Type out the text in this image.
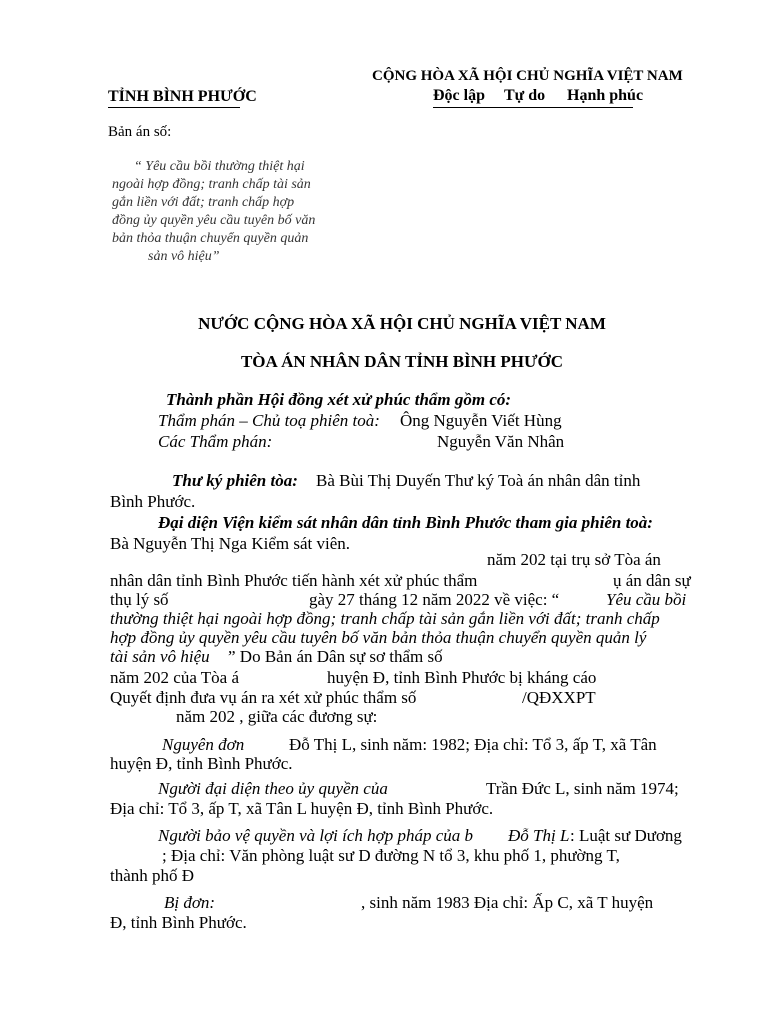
CỘNG HÒA XÃ HỘI CHỦ NGHĨA VIỆT NAM
TỈNH BÌNH PHƯỚC	Độc lập Tự do Hạnh phúc
Bản án số:
“ Yêu cầu bồi thường thiệt hại
ngoài hợp đồng; tranh chấp tài sản
gắn liền với đất; tranh chấp hợp
đồng ủy quyền yêu cầu tuyên bố văn
bản thỏa thuận chuyển quyền quản
sản vô hiệu”
NƯỚC CỘNG HÒA XÃ HỘI CHỦ NGHĨA VIỆT NAM
TÒA ÁN NHÂN DÂN TỈNH BÌNH PHƯỚC
Thành phần Hội đồng xét xử phúc thẩm gồm có:
Thẩm phán – Chủ toạ phiên toà: Ông Nguyễn Viết Hùng
Các Thẩm phán:	Nguyễn Văn Nhân
Thư ký phiên tòa: Bà Bùi Thị Duyến Thư ký Toà án nhân dân tỉnh
Bình Phước.
Đại diện Viện kiểm sát nhân dân tỉnh Bình Phước tham gia phiên toà:
Bà Nguyễn Thị Nga Kiểm sát viên.
năm 202 tại trụ sở Tòa án
nhân dân tỉnh Bình Phước tiến hành xét xử phúc thẩm	ụ án dân sự
thụ lý số	gày 27 tháng 12 năm 2022 về việc: “	Yêu cầu bồi
thường thiệt hại ngoài hợp đồng; tranh chấp tài sản gắn liền với đất; tranh chấp
hợp đồng ủy quyền yêu cầu tuyên bố văn bản thỏa thuận chuyển quyền quản lý
tài sản vô hiệu ” Do Bản án Dân sự sơ thẩm số
năm 202 của Tòa á	huyện Đ, tỉnh Bình Phước bị kháng cáo
Quyết định đưa vụ án ra xét xử phúc thẩm số	/QĐXXPT
năm 202 , giữa các đương sự:
Nguyên đơn	Đỗ Thị L, sinh năm: 1982; Địa chỉ: Tổ 3, ấp T, xã Tân
huyện Đ, tỉnh Bình Phước.
Người đại diện theo ủy quyền của	Trần Đức L, sinh năm 1974;
Địa chỉ: Tổ 3, ấp T, xã Tân L huyện Đ, tỉnh Bình Phước.
Người bảo vệ quyền và lợi ích hợp pháp của b Đỗ Thị L : Luật sư Dương
; Địa chỉ: Văn phòng luật sư D đường N tổ 3, khu phố 1, phường T,
thành phố Đ
Bị đơn:	, sinh năm 1983 Địa chỉ: Ấp C, xã T huyện
Đ, tỉnh Bình Phước.
